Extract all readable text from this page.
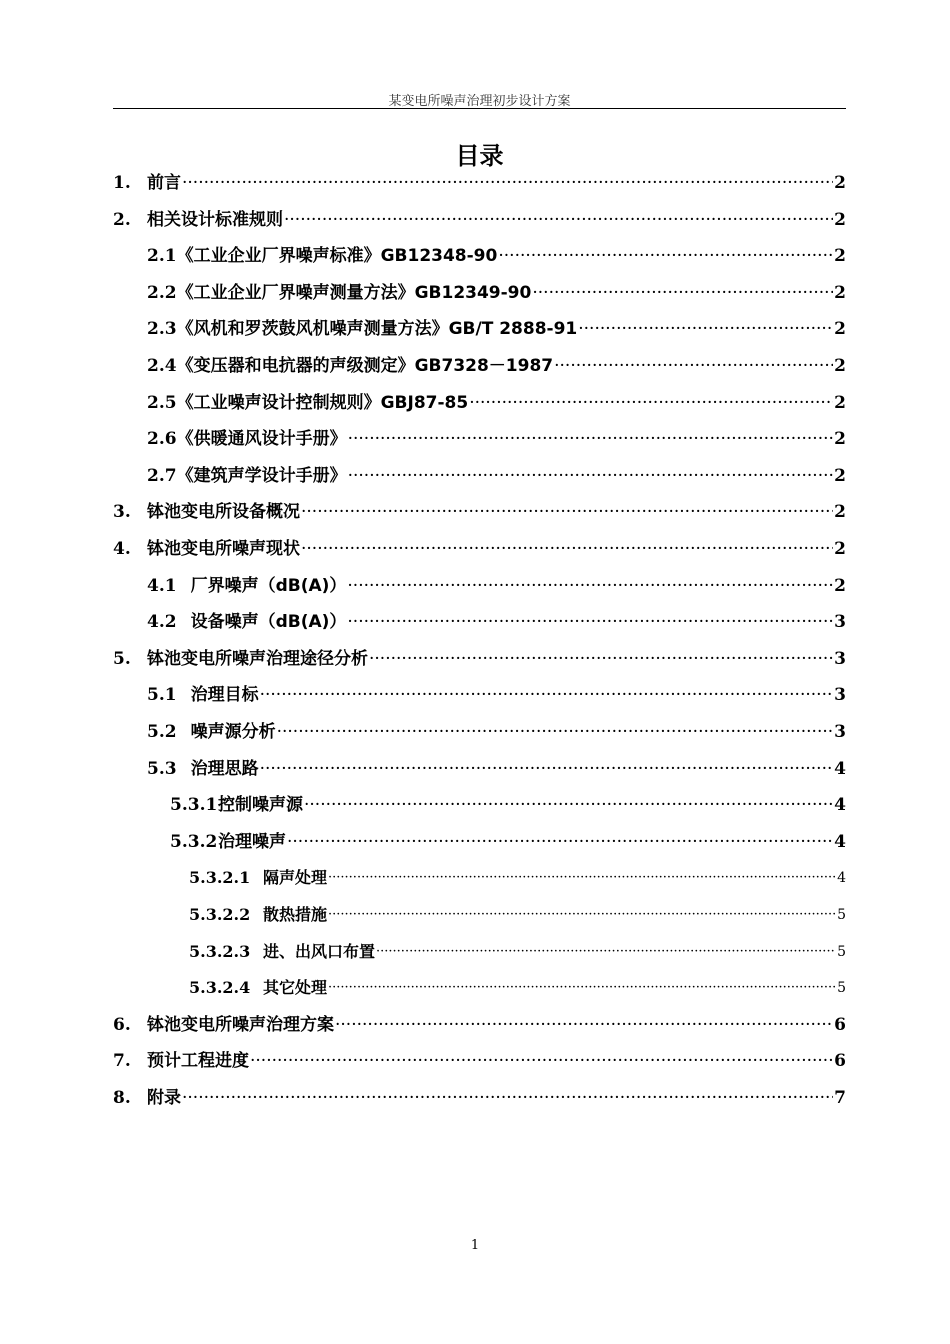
某变电所噪声治理初步设计方案
目录
1. 前言 ·····	2
2. 相关设计标准规则 ·····	2
2.1 《工业企业厂界噪声标准》GB12348-90 ·····	2
2.2 《工业企业厂界噪声测量方法》GB12349-90 ·····	2
2.3 《风机和罗茨鼓风机噪声测量方法》GB/T 2888-91 ·····	2
2.4 《变压器和电抗器的声级测定》GB7328－1987 ·····	2
2.5 《工业噪声设计控制规则》GBJ87-85 ·····	2
2.6 《供暖通风设计手册》 ·····	2
2.7 《建筑声学设计手册》 ·····	2
3. 钵池变电所设备概况 ·····	2
4. 钵池变电所噪声现状 ·····	2
4.1 厂界噪声（dB(A)） ·····	2
4.2 设备噪声（dB(A)） ·····	3
5. 钵池变电所噪声治理途径分析 ·····	3
5.1 治理目标 ·····	3
5.2 噪声源分析 ·····	3
5.3 治理思路 ·····	4
5.3.1 控制噪声源 ·····	4
5.3.2 治理噪声 ·····	4
5.3.2.1 隔声处理 ·····	4
5.3.2.2 散热措施 ·····	5
5.3.2.3 进、出风口布置 ·····	5
5.3.2.4 其它处理 ·····	5
6. 钵池变电所噪声治理方案 ·····	6
7. 预计工程进度 ·····	6
8. 附录 ·····	7
1
